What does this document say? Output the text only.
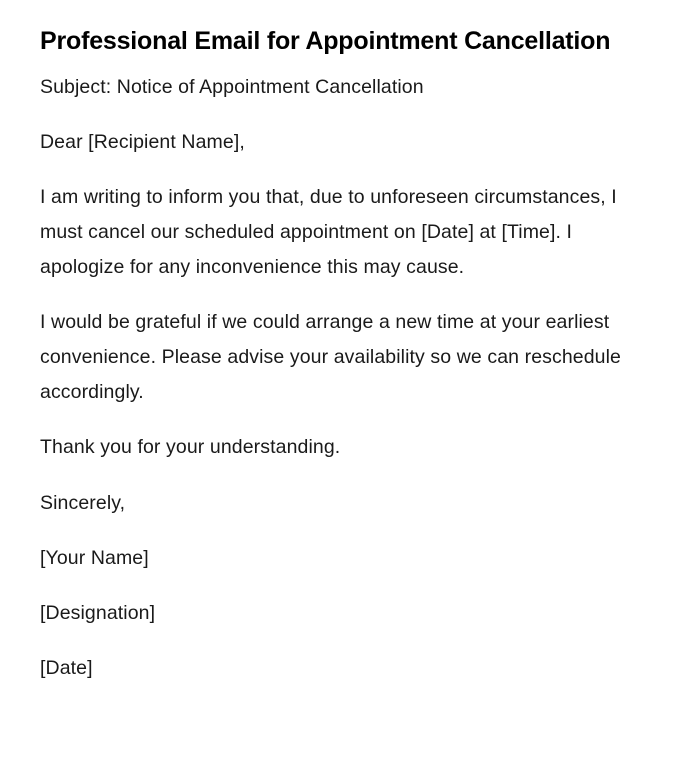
Professional Email for Appointment Cancellation

Subject: Notice of Appointment Cancellation

Dear [Recipient Name],

I am writing to inform you that, due to unforeseen circumstances, I must cancel our scheduled appointment on [Date] at [Time]. I apologize for any inconvenience this may cause.

I would be grateful if we could arrange a new time at your earliest convenience. Please advise your availability so we can reschedule accordingly.

Thank you for your understanding.

Sincerely,

[Your Name]

[Designation]

[Date]
